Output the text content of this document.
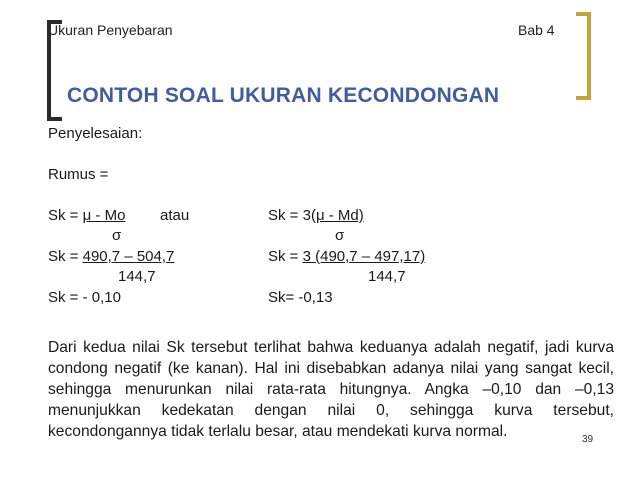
Ukuran Penyebaran	Bab 4
CONTOH SOAL UKURAN KECONDONGAN
Penyelesaian:
Rumus =
Sk = μ - Mo atau
σ
Sk = 3(μ - Md)
σ
Sk = 490,7 – 504,7
144,7
Sk = - 0,10
Sk = 3 (490,7 – 497,17)
144,7
Sk= -0,13
Dari kedua nilai Sk tersebut terlihat bahwa keduanya adalah negatif, jadi kurva condong negatif (ke kanan). Hal ini disebabkan adanya nilai yang sangat kecil, sehingga menurunkan nilai rata-rata hitungnya. Angka –0,10 dan –0,13 menunjukkan kedekatan dengan nilai 0, sehingga kurva tersebut, kecondongannya tidak terlalu besar, atau mendekati kurva normal.	39
